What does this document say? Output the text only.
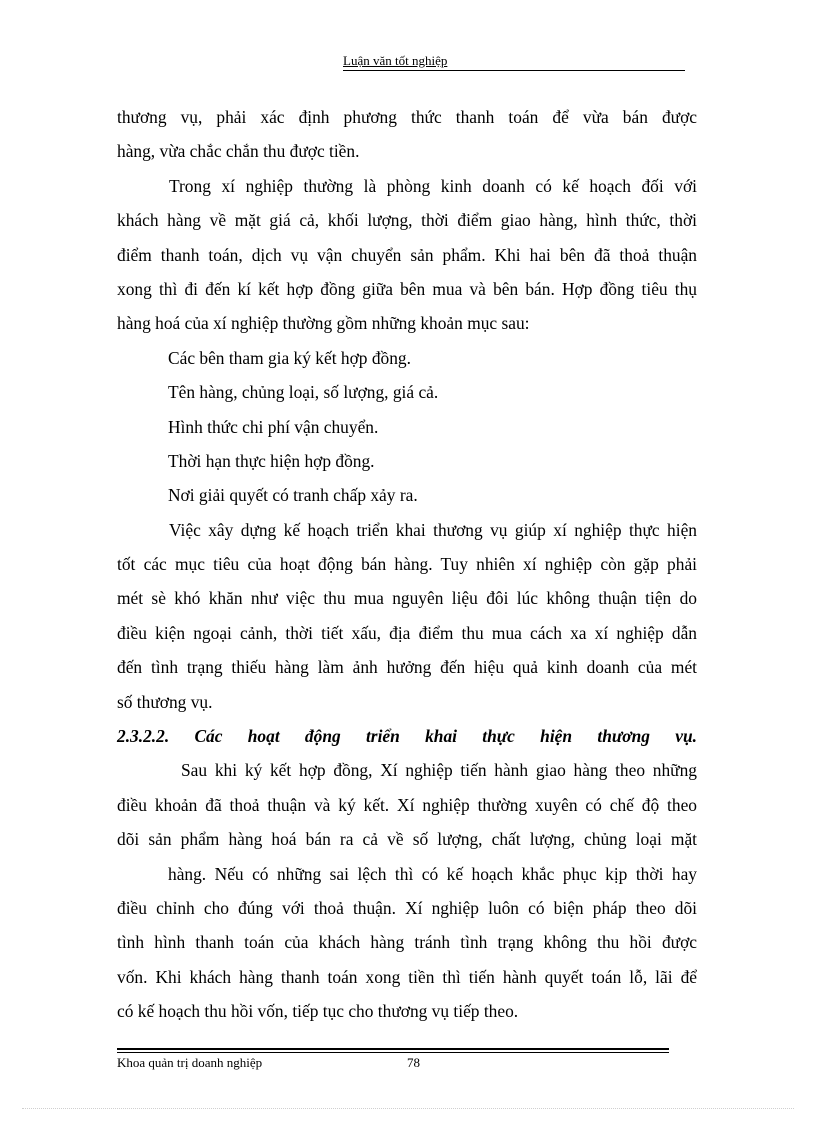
Luận văn tốt nghiệp
thương vụ, phải xác định phương thức thanh toán để vừa bán được
hàng, vừa chắc chắn thu được tiền.
Trong xí nghiệp thường là phòng kinh doanh có kế hoạch đối với
khách hàng về mặt giá cả, khối lượng, thời điểm giao hàng, hình thức, thời
điểm thanh toán, dịch vụ vận chuyển sản phẩm. Khi hai bên đã thoả thuận
xong thì đi đến kí kết hợp đồng giữa bên mua và bên bán. Hợp đồng tiêu thụ
hàng hoá của xí nghiệp thường gồm những khoản mục sau:
Các bên tham gia ký kết hợp đồng.
Tên hàng, chủng loại, số lượng, giá cả.
Hình thức chi phí vận chuyển.
Thời hạn thực hiện hợp đồng.
Nơi giải quyết có tranh chấp xảy ra.
Việc xây dựng kế hoạch triển khai thương vụ giúp xí nghiệp thực hiện
tốt các mục tiêu của hoạt động bán hàng. Tuy nhiên xí nghiệp còn gặp phải
mét sè khó khăn như việc thu mua nguyên liệu đôi lúc không thuận tiện do
điều kiện ngoại cảnh, thời tiết xấu, địa điểm thu mua cách xa xí nghiệp dẫn
đến tình trạng thiếu hàng làm ảnh hưởng đến hiệu quả kinh doanh của mét
số thương vụ.
2.3.2.2. Các hoạt động triển khai thực hiện thương vụ.
Sau khi ký kết hợp đồng, Xí nghiệp tiến hành giao hàng theo những
điều khoản đã thoả thuận và ký kết. Xí nghiệp thường xuyên có chế độ theo
dõi sản phẩm hàng hoá bán ra cả về số lượng, chất lượng, chủng loại mặt
hàng. Nếu có những sai lệch thì có kế hoạch khắc phục kịp thời hay
điều chỉnh cho đúng với thoả thuận. Xí nghiệp luôn có biện pháp theo dõi
tình hình thanh toán của khách hàng tránh tình trạng không thu hồi được
vốn. Khi khách hàng thanh toán xong tiền thì tiến hành quyết toán lỗ, lãi để
có kế hoạch thu hồi vốn, tiếp tục cho thương vụ tiếp theo.
Khoa quản trị doanh nghiệp	78
